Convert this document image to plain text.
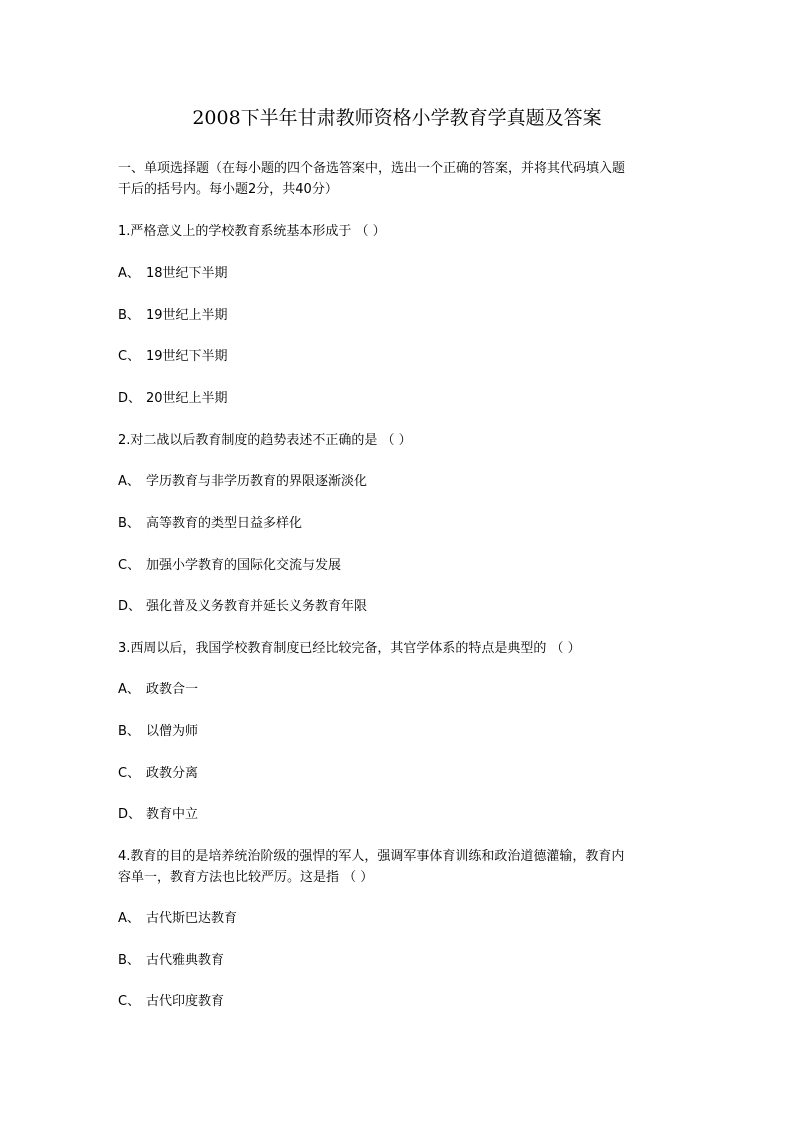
2008下半年甘肃教师资格小学教育学真题及答案
一、单项选择题（在每小题的四个备选答案中，选出一个正确的答案，并将其代码填入题
干后的括号内。每小题2分，共40分）
1.严格意义上的学校教育系统基本形成于 （ ）
A、 18世纪下半期
B、 19世纪上半期
C、 19世纪下半期
D、 20世纪上半期
2.对二战以后教育制度的趋势表述不正确的是 （ ）
A、 学历教育与非学历教育的界限逐渐淡化
B、 高等教育的类型日益多样化
C、 加强小学教育的国际化交流与发展
D、 强化普及义务教育并延长义务教育年限
3.西周以后，我国学校教育制度已经比较完备，其官学体系的特点是典型的 （ ）
A、 政教合一
B、 以僧为师
C、 政教分离
D、 教育中立
4.教育的目的是培养统治阶级的强悍的军人，强调军事体育训练和政治道德灌输，教育内
容单一，教育方法也比较严厉。这是指 （ ）
A、 古代斯巴达教育
B、 古代雅典教育
C、 古代印度教育
